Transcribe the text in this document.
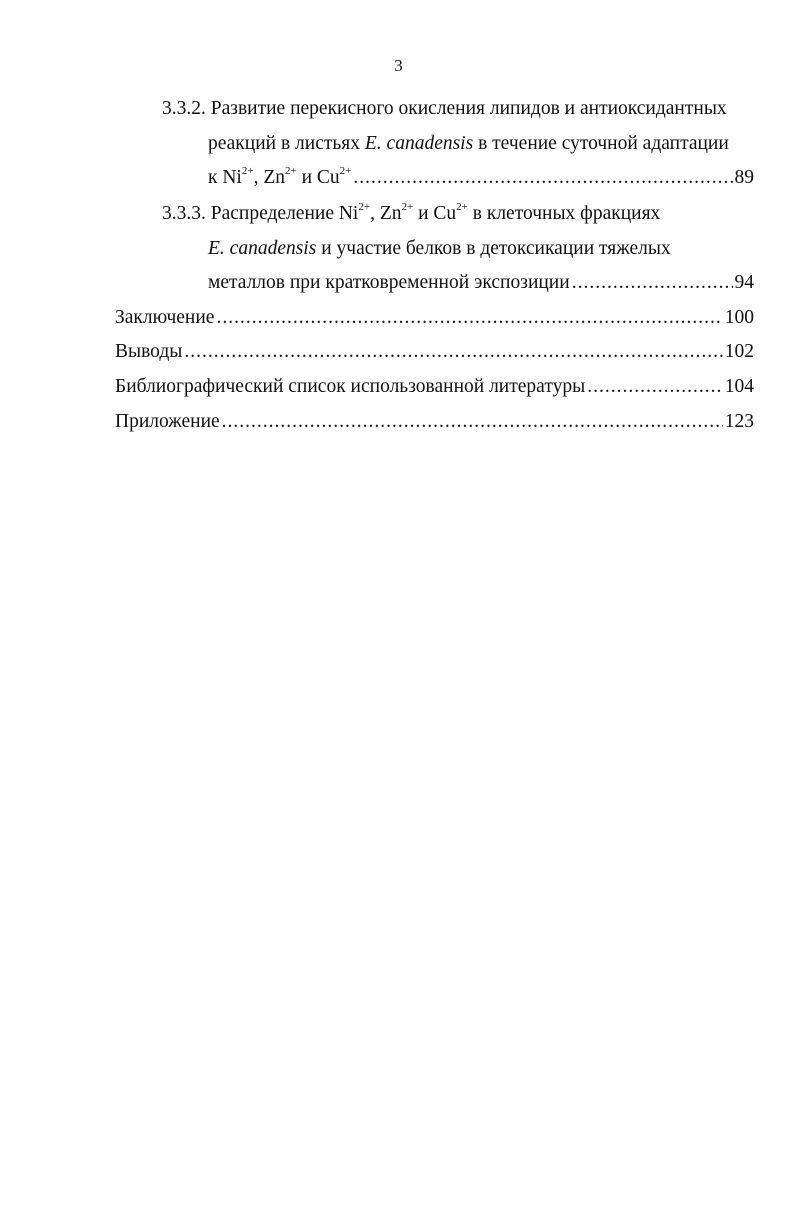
3
3.3.2.
Развитие перекисного окисления липидов и антиоксидантных
реакций в листьях E. canadensis в течение суточной адаптации
к $Ni^{2+}$, $Zn^{2+}$ и $Cu^{2+}$ .....	89
3.3.3.
Распределение $Ni^{2+}$, $Zn^{2+}$ и $Cu^{2+}$ в клеточных фракциях
E. canadensis и участие белков в детоксикации тяжелых
металлов при кратковременной экспозиции .....	94
Заключение .....	100
Выводы .....	102
Библиографический список использованной литературы .....	104
Приложение .....	123
